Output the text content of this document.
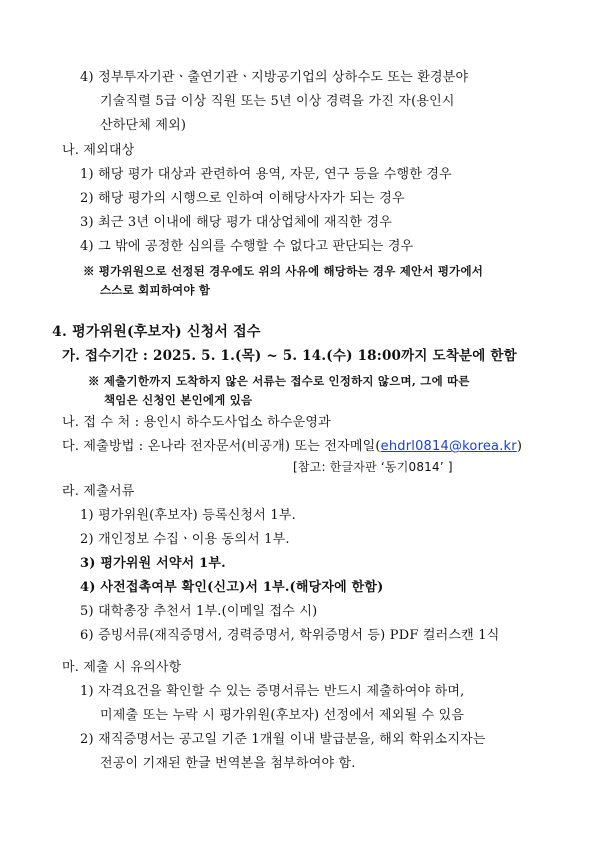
4) 정부투자기관ㆍ출연기관ㆍ지방공기업의 상하수도 또는 환경분야
기술직렬 5급 이상 직원 또는 5년 이상 경력을 가진 자(용인시
산하단체 제외)
나. 제외대상
1) 해당 평가 대상과 관련하여 용역, 자문, 연구 등을 수행한 경우
2) 해당 평가의 시행으로 인하여 이해당사자가 되는 경우
3) 최근 3년 이내에 해당 평가 대상업체에 재직한 경우
4) 그 밖에 공정한 심의를 수행할 수 없다고 판단되는 경우
※ 평가위원으로 선정된 경우에도 위의 사유에 해당하는 경우 제안서 평가에서
스스로 회피하여야 함
4. 평가위원(후보자) 신청서 접수
가. 접수기간 : 2025. 5. 1.(목) ~ 5. 14.(수) 18:00까지 도착분에 한함
※ 제출기한까지 도착하지 않은 서류는 접수로 인정하지 않으며, 그에 따른
책임은 신청인 본인에게 있음
나. 접 수 처 : 용인시 하수도사업소 하수운영과
다. 제출방법 : 온나라 전자문서(비공개) 또는 전자메일(ehdrl0814@korea.kr)
[참고: 한글자판 ‘동기0814’ ]
라. 제출서류
1) 평가위원(후보자) 등록신청서 1부.
2) 개인정보 수집ㆍ이용 동의서 1부.
3) 평가위원 서약서 1부.
4) 사전접촉여부 확인(신고)서 1부.(해당자에 한함)
5) 대학총장 추천서 1부.(이메일 접수 시)
6) 증빙서류(재직증명서, 경력증명서, 학위증명서 등) PDF 컬러스캔 1식
마. 제출 시 유의사항
1) 자격요건을 확인할 수 있는 증명서류는 반드시 제출하여야 하며,
미제출 또는 누락 시 평가위원(후보자) 선정에서 제외될 수 있음
2) 재직증명서는 공고일 기준 1개월 이내 발급분을, 해외 학위소지자는
전공이 기재된 한글 번역본을 첨부하여야 함.
